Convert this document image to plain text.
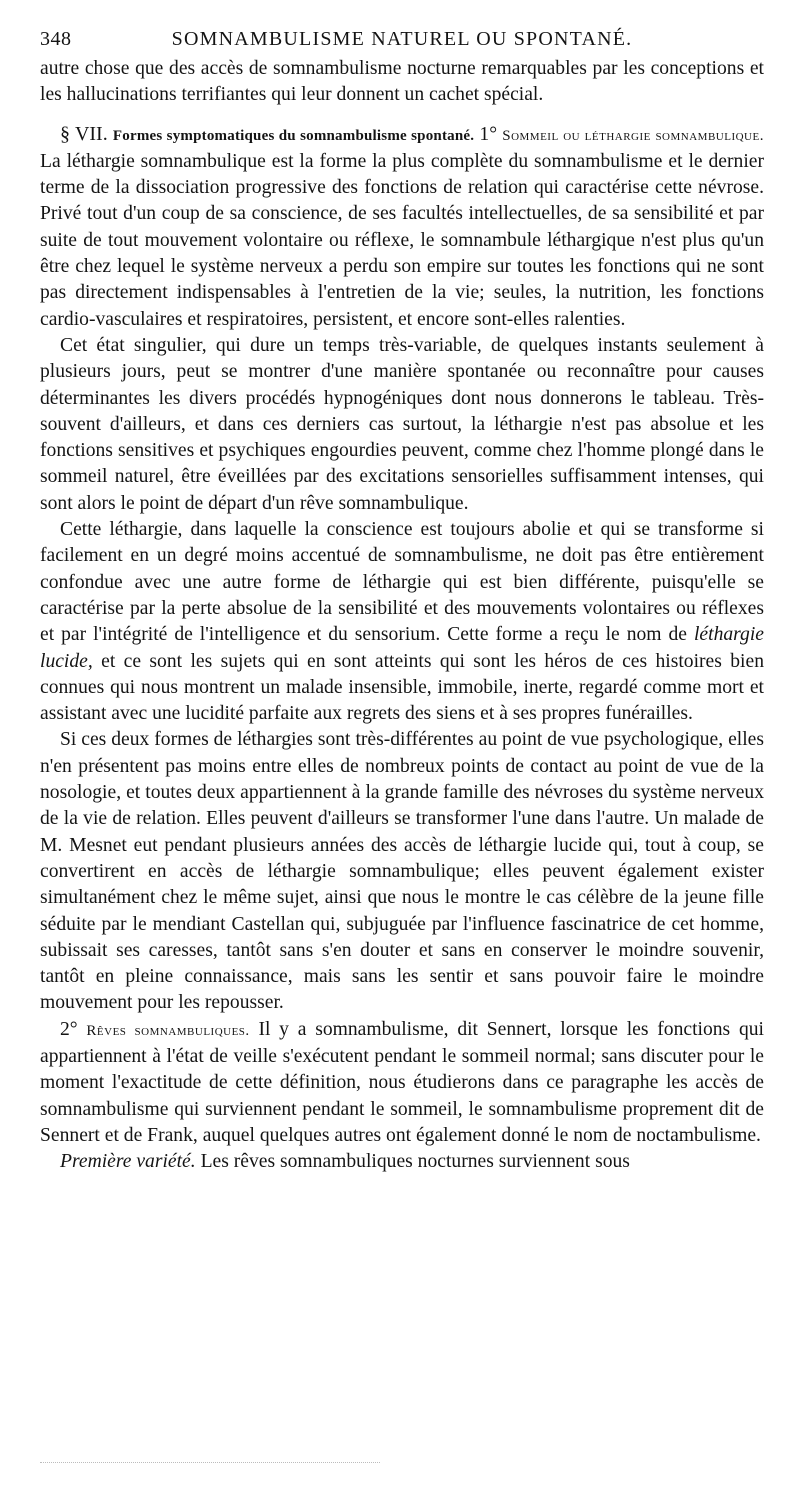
348	SOMNAMBULISME NATUREL OU SPONTANÉ.

autre chose que des accès de somnambulisme nocturne remarquables par les conceptions et les hallucinations terrifiantes qui leur donnent un cachet spécial.

§ VII. Formes symptomatiques du somnambulisme spontané. 1° Sommeil ou léthargie somnambulique. La léthargie somnambulique est la forme la plus complète du somnambulisme et le dernier terme de la dissociation progressive des fonctions de relation qui caractérise cette névrose. Privé tout d'un coup de sa conscience, de ses facultés intellectuelles, de sa sensibilité et par suite de tout mouvement volontaire ou réflexe, le somnambule léthargique n'est plus qu'un être chez lequel le système nerveux a perdu son empire sur toutes les fonctions qui ne sont pas directement indispensables à l'entretien de la vie; seules, la nutrition, les fonctions cardio-vasculaires et respiratoires, persistent, et encore sont-elles ralenties.

Cet état singulier, qui dure un temps très-variable, de quelques instants seulement à plusieurs jours, peut se montrer d'une manière spontanée ou reconnaître pour causes déterminantes les divers procédés hypnogéniques dont nous donnerons le tableau. Très-souvent d'ailleurs, et dans ces derniers cas surtout, la léthargie n'est pas absolue et les fonctions sensitives et psychiques engourdies peuvent, comme chez l'homme plongé dans le sommeil naturel, être éveillées par des excitations sensorielles suffisamment intenses, qui sont alors le point de départ d'un rêve somnambulique.

Cette léthargie, dans laquelle la conscience est toujours abolie et qui se transforme si facilement en un degré moins accentué de somnambulisme, ne doit pas être entièrement confondue avec une autre forme de léthargie qui est bien différente, puisqu'elle se caractérise par la perte absolue de la sensibilité et des mouvements volontaires ou réflexes et par l'intégrité de l'intelligence et du sensorium. Cette forme a reçu le nom de léthargie lucide, et ce sont les sujets qui en sont atteints qui sont les héros de ces histoires bien connues qui nous montrent un malade insensible, immobile, inerte, regardé comme mort et assistant avec une lucidité parfaite aux regrets des siens et à ses propres funérailles.

Si ces deux formes de léthargies sont très-différentes au point de vue psychologique, elles n'en présentent pas moins entre elles de nombreux points de contact au point de vue de la nosologie, et toutes deux appartiennent à la grande famille des névroses du système nerveux de la vie de relation. Elles peuvent d'ailleurs se transformer l'une dans l'autre. Un malade de M. Mesnet eut pendant plusieurs années des accès de léthargie lucide qui, tout à coup, se convertirent en accès de léthargie somnambulique; elles peuvent également exister simultanément chez le même sujet, ainsi que nous le montre le cas célèbre de la jeune fille séduite par le mendiant Castellan qui, subjuguée par l'influence fascinatrice de cet homme, subissait ses caresses, tantôt sans s'en douter et sans en conserver le moindre souvenir, tantôt en pleine connaissance, mais sans les sentir et sans pouvoir faire le moindre mouvement pour les repousser.

2° Rêves somnambuliques. Il y a somnambulisme, dit Sennert, lorsque les fonctions qui appartiennent à l'état de veille s'exécutent pendant le sommeil normal; sans discuter pour le moment l'exactitude de cette définition, nous étudierons dans ce paragraphe les accès de somnambulisme qui surviennent pendant le sommeil, le somnambulisme proprement dit de Sennert et de Frank, auquel quelques autres ont également donné le nom de noctambulisme.

Première variété. Les rêves somnambuliques nocturnes surviennent sous
